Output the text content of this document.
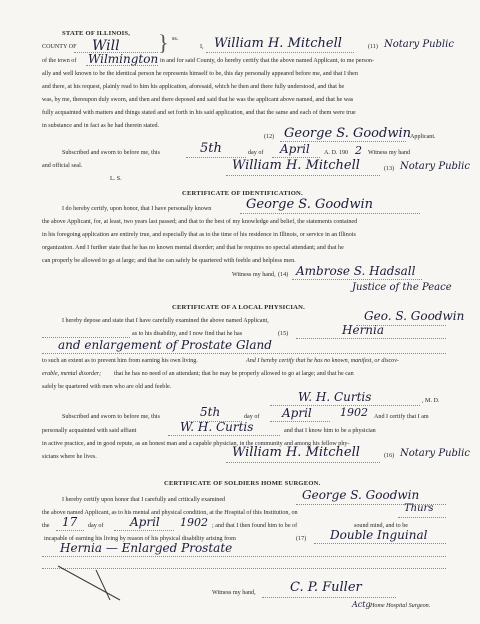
STATE OF ILLINOIS,
COUNTY OF Will } ss.
I, William H. Mitchell	(11) Notary Public
of the town of Wilmington in and for said County, do hereby certify that the above named Applicant, to me person-
ally and well known to be the identical person he represents himself to be, this day personally appeared before me, and that I then
and there, at his request, plainly read to him his application, aforesaid, which he then and there fully understood, and that he
was, by me, thereupon duly sworn, and then and there deposed and said that he was the applicant above named, and that he was
fully acquainted with matters and things stated and set forth in his said application, and that the same and each of them were true
in substance and in fact as he had therein stated.
(12) George S. Goodwin Applicant.
Subscribed and sworn to before me, this	5th	day of April A. D. 190 2 Witness my hand
and official seal.
L. S.
William H. Mitchell	(13) Notary Public
CERTIFICATE OF IDENTIFICATION.
I do hereby certify, upon honor, that I have personally known	George S. Goodwin
the above Applicant, for, at least, two years last passed; and that to the best of my knowledge and belief, the statements contained
in his foregoing application are entirely true, and especially that as to the time of his residence in Illinois, or service in an Illinois
organization. And I further state that he has no known mental disorder; and that he requires no special attendant; and that he
can properly be allowed to go at large; and that he can safely be quartered with feeble and helpless men.
Witness my hand, (14) Ambrose S. Hadsall
Justice of the Peace
CERTIFICATE OF A LOCAL PHYSICIAN.
I hereby depose and state that I have carefully examined the above named Applicant,	Geo. S. Goodwin
as to his disability, and I now find that he has	(15)	Hernia
and enlargement of Prostate Gland
to such an extent as to prevent him from earning his own living.	And I hereby certify that he has no known, manifest, or discov-
erable, mental disorder; that he has no need of an attendant; that he may be properly allowed to go at large; and that he can
safely be quartered with men who are old and feeble.
W. H. Curtis	, M. D.
Subscribed and sworn to before me, this	5th	day of April	1902 And I certify that I am
personally acquainted with said affiant	W. H. Curtis	and that I know him to be a physician
in active practice, and in good repute, as an honest man and a capable physician, in the community and among his fellow phy-
sicians where he lives.	William H. Mitchell	(16) Notary Public
CERTIFICATE OF SOLDIERS HOME SURGEON.
I hereby certify upon honor that I carefully and critically examined	George S. Goodwin
the above named Applicant, as to his mental and physical condition, at the Hospital of this Institution, on	Thurs
the 17 day of April 1902 ; and that I then found him to be of	sound mind, and to be
incapable of earning his living by reason of his physical disability arising from	(17) Double Inguinal
Hernia — Enlarged Prostate
Witness my hand,	C. P. Fuller
Actg Home Hospital Surgeon.
